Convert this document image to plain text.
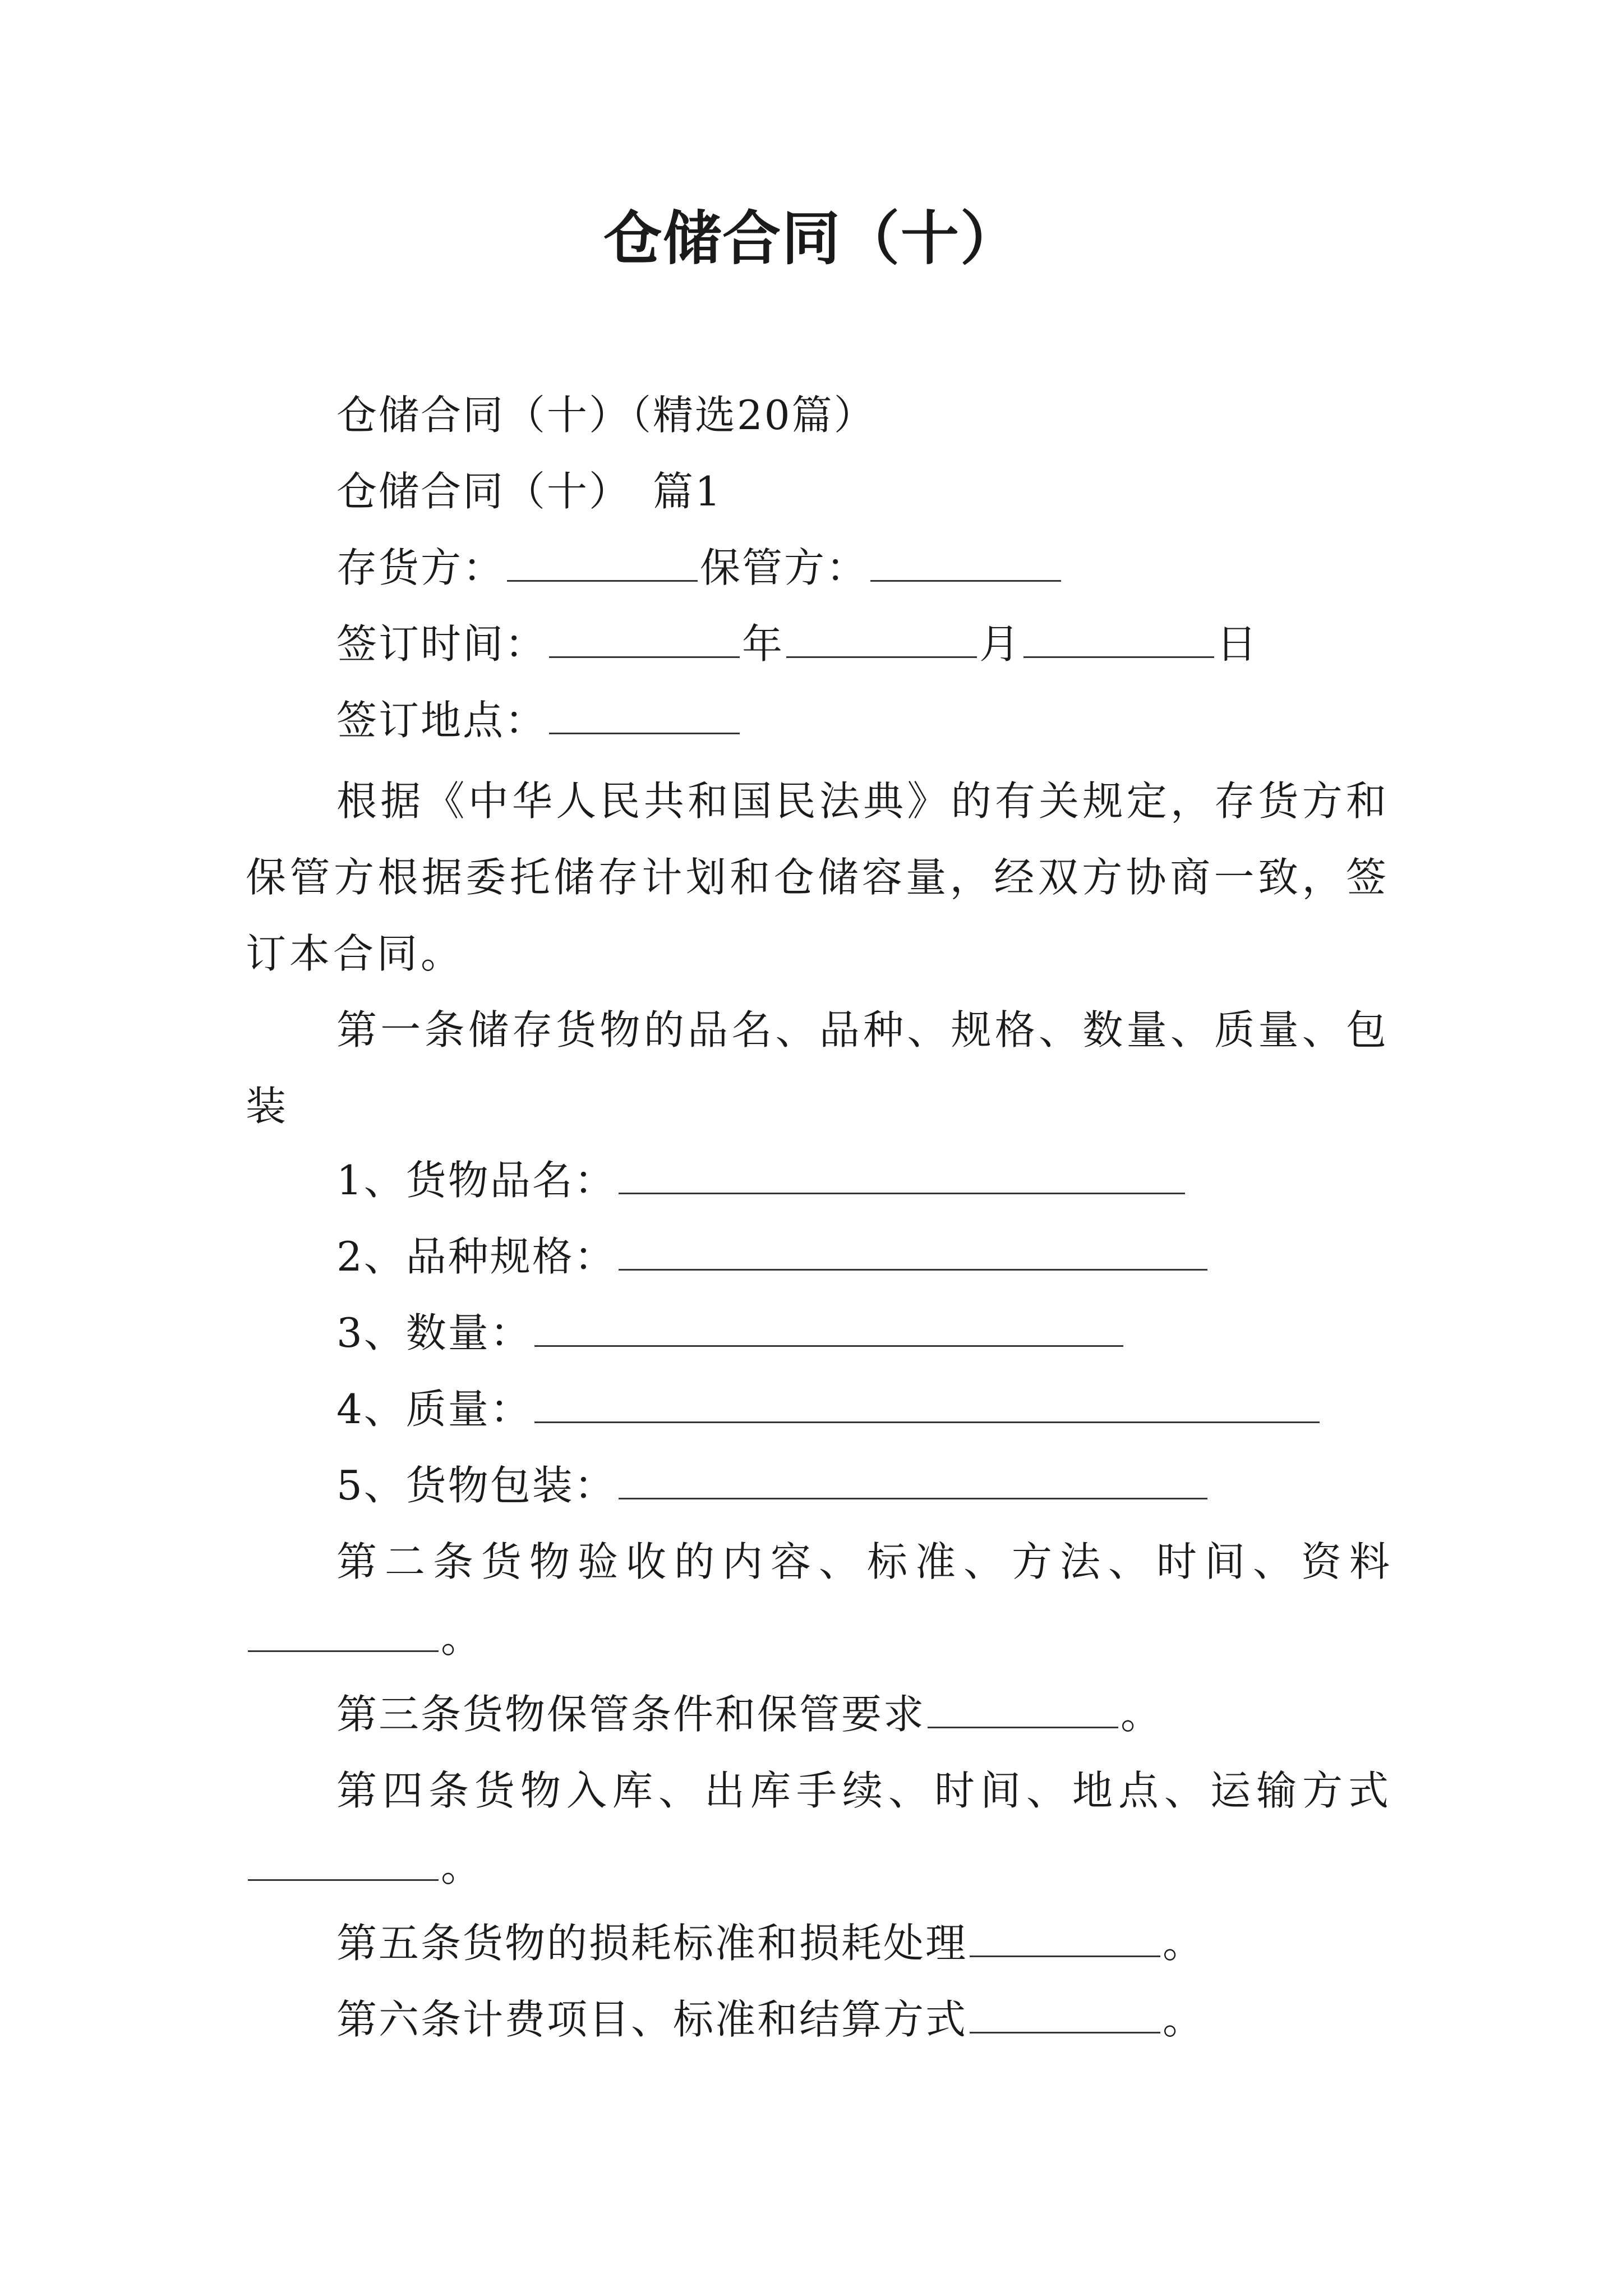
仓储合同（十）
仓储合同（十）（精选20篇）
仓储合同（十）　篇1
存货方：	保管方：
签订时间：	年	月	日
签订地点：

根据《中华人民共和国民法典》的有关规定，存货方和保管方根据委托储存计划和仓储容量，经双方协商一致，签订本合同。

第一条储存货物的品名、品种、规格、数量、质量、包装

1、货物品名：
2、品种规格：
3、数量：
4、质量：
5、货物包装：
第二条货物验收的内容、标准、方法、时间、资料
。
第三条货物保管条件和保管要求	。
第四条货物入库、出库手续、时间、地点、运输方式
。
第五条货物的损耗标准和损耗处理	。
第六条计费项目、标准和结算方式	。
